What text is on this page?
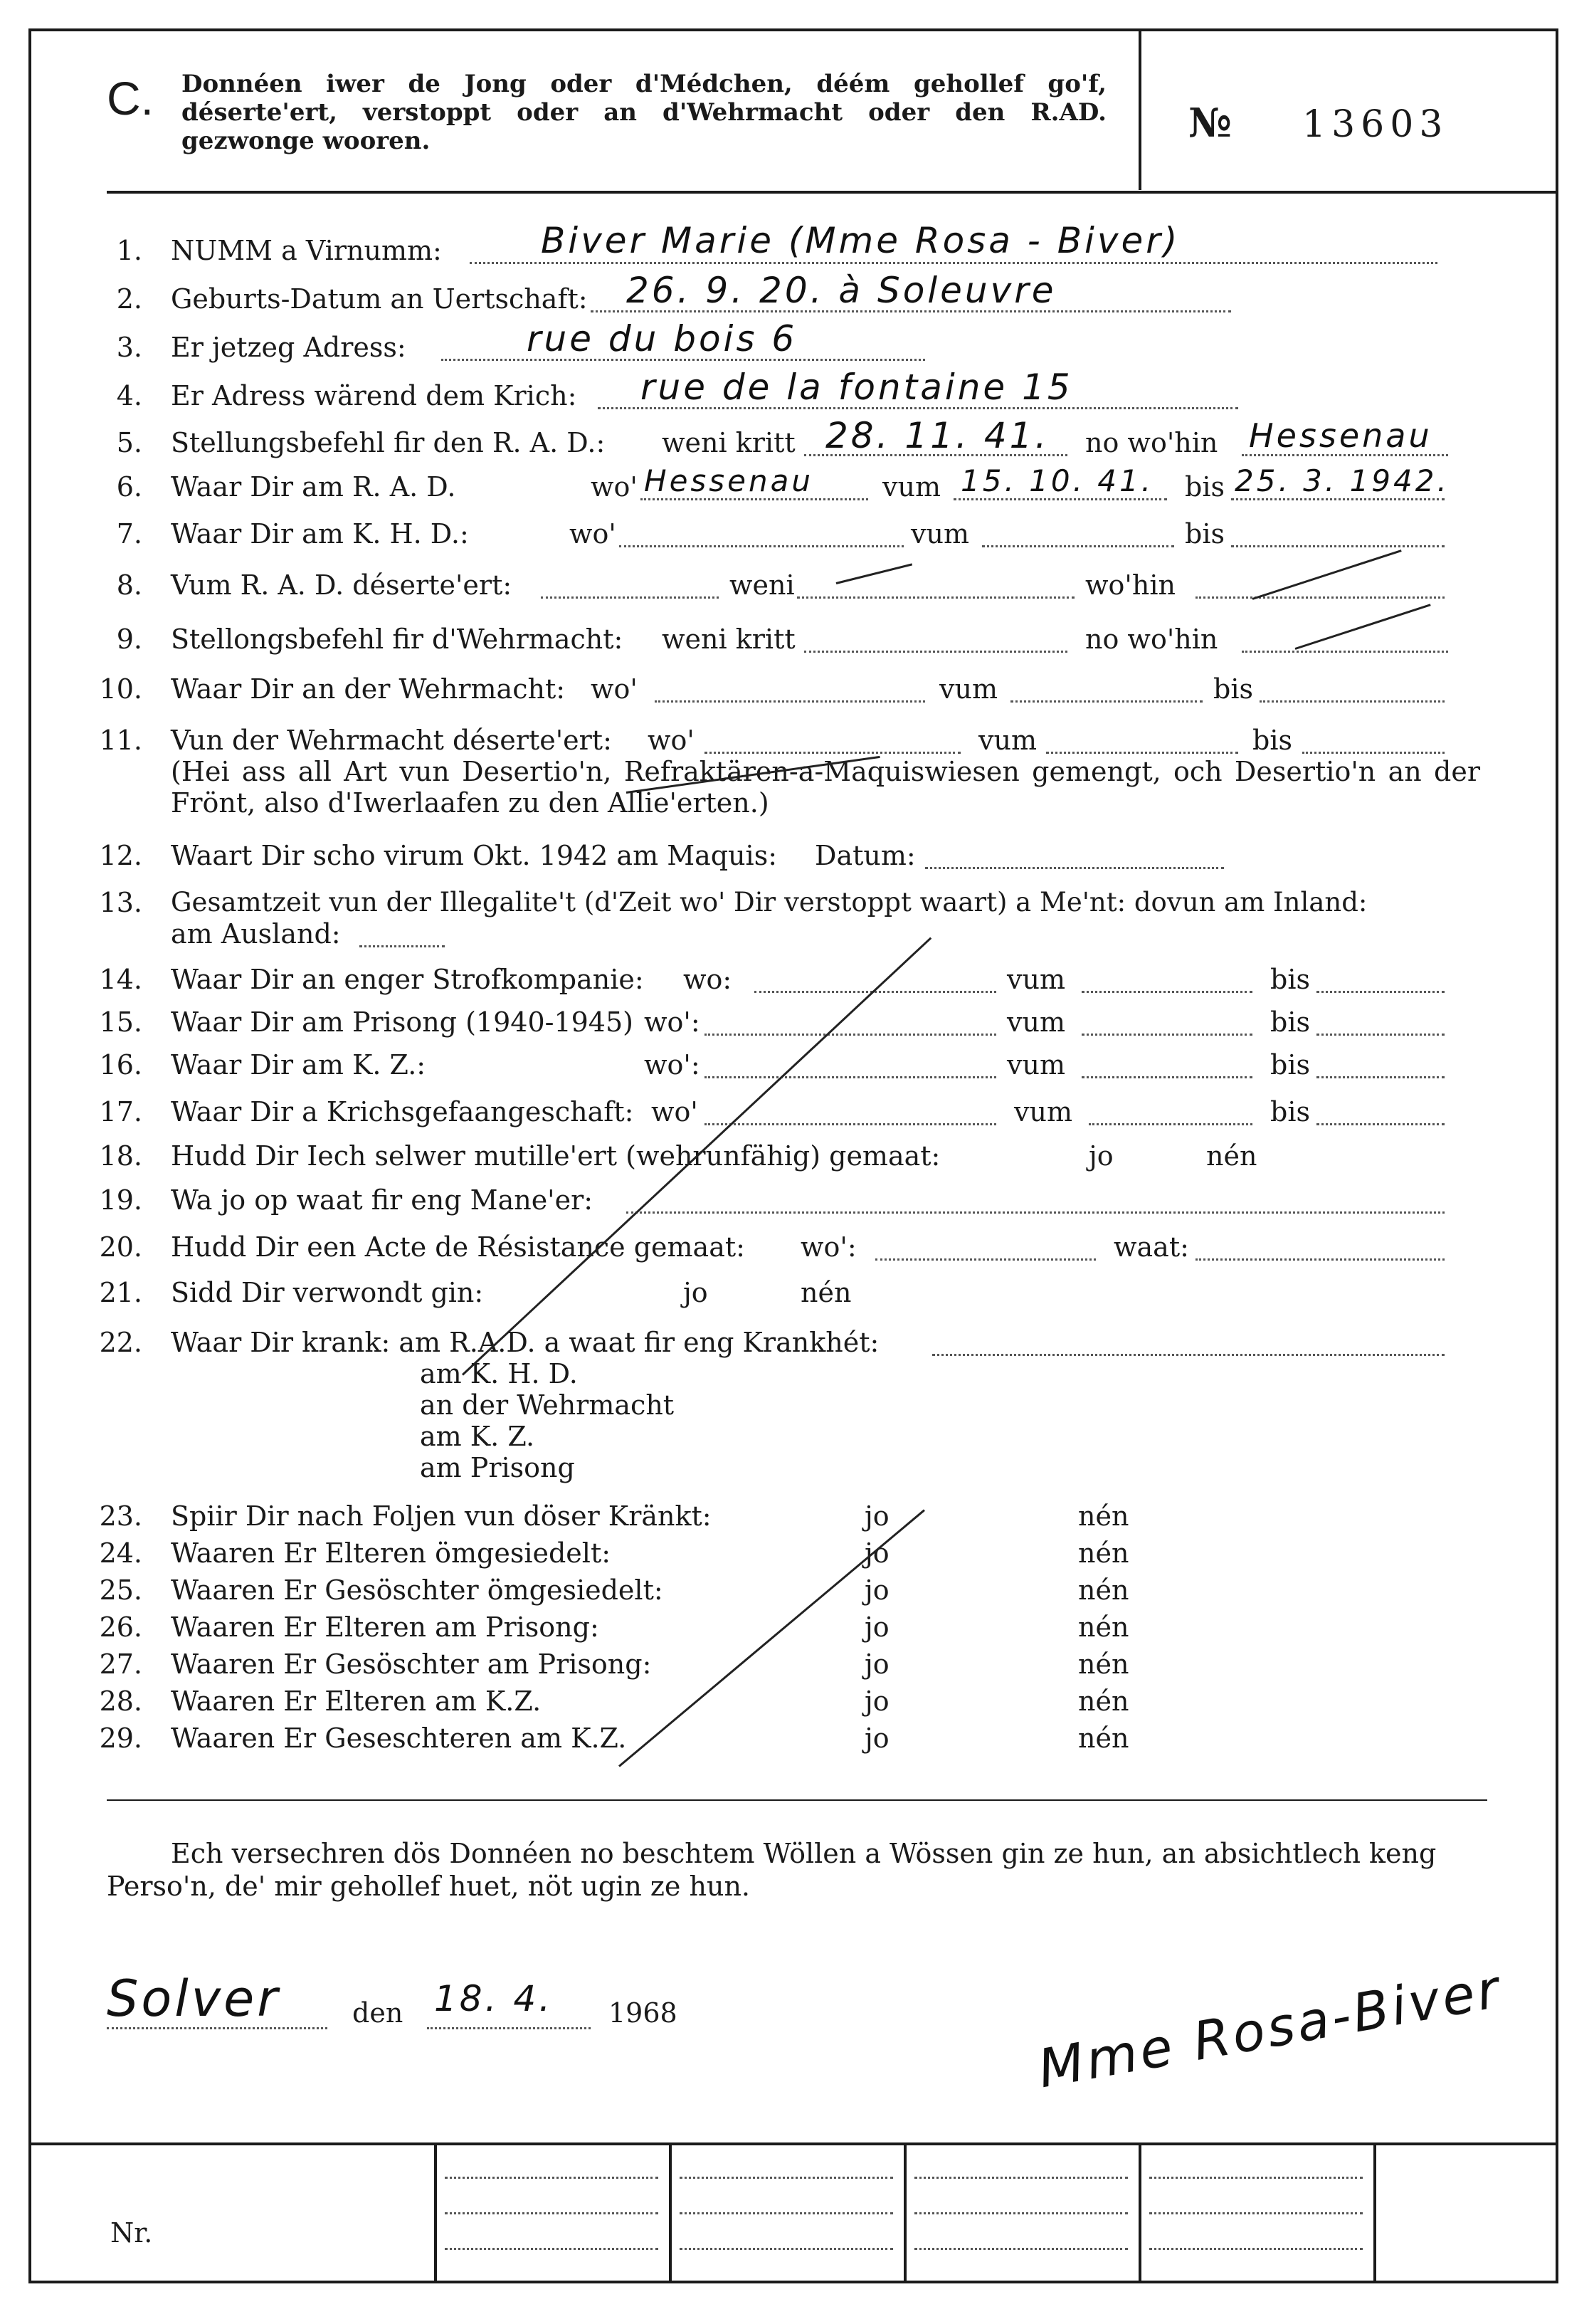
C. Donnéen iwer de Jong oder d'Médchen, déém gehollef go'f, déserte'ert, verstoppt oder an d'Wehrmacht oder den R.AD. gezwonge wooren.	№ 13603
1. NUMM a Virnumm:	Biver Marie (Mme Rosa - Biver)
2. Geburts-Datum an Uertschaft: 26. 9. 20. à Soleuvre
3. Er jetzeg Adress:	rue du bois 6
4. Er Adress wärend dem Krich: rue de la fontaine 15
5. Stellungsbefehl fir den R. A. D.: weni kritt 28. 11. 41. no wo'hin Hessenau
6. Waar Dir am R. A. D.	wo' Hessenau	vum 15. 10. 41. bis 25. 3. 1942.
7. Waar Dir am K. H. D.:	wo'	vum	bis
8. Vum R. A. D. déserte'ert:	weni	wo'hin
9. Stellongsbefehl fir d'Wehrmacht: weni kritt	no wo'hin
10. Waar Dir an der Wehrmacht: wo'	vum	bis
11. Vun der Wehrmacht déserte'ert: wo'	vum	bis
(Hei ass all Art vun Desertio'n, Refraktären-a-Maquiswiesen gemengt, och Desertio'n an der Frönt, also d'Iwerlaafen zu den Allie'erten.)
12. Waart Dir scho virum Okt. 1942 am Maquis: Datum:
13. Gesamtzeit vun der Illegalite't (d'Zeit wo' Dir verstoppt waart) a Me'nt: dovun am Inland:
am Ausland:
14. Waar Dir an enger Strofkompanie: wo:	vum	bis
15. Waar Dir am Prisong (1940-1945) wo':	vum	bis
16. Waar Dir am K. Z.:	wo':	vum	bis
17. Waar Dir a Krichsgefaangeschaft: wo'	vum	bis
18. Hudd Dir Iech selwer mutille'ert (wehrunfähig) gemaat:	jo	nén
19. Wa jo op waat fir eng Mane'er:
20. Hudd Dir een Acte de Résistance gemaat: wo':	waat:
21. Sidd Dir verwondt gin:	jo	nén
22. Waar Dir krank: am R.A.D. a waat fir eng Krankhét:
am K. H. D.
an der Wehrmacht
am K. Z.
am Prisong
23. Spiir Dir nach Foljen vun döser Kränkt:	jo	nén
24. Waaren Er Elteren ömgesiedelt:	jo	nén
25. Waaren Er Gesöschter ömgesiedelt:	jo	nén
26. Waaren Er Elteren am Prisong:	jo	nén
27. Waaren Er Gesöschter am Prisong:	jo	nén
28. Waaren Er Elteren am K.Z.	jo	nén
29. Waaren Er Geseschteren am K.Z.	jo	nén
Ech versechren dös Donnéen no beschtem Wöllen a Wössen gin ze hun, an absichtlech keng
Perso'n, de' mir gehollef huet, nöt ugin ze hun.
Solver	den 18. 4. 1968	Mme Rosa-Biver
Nr.
